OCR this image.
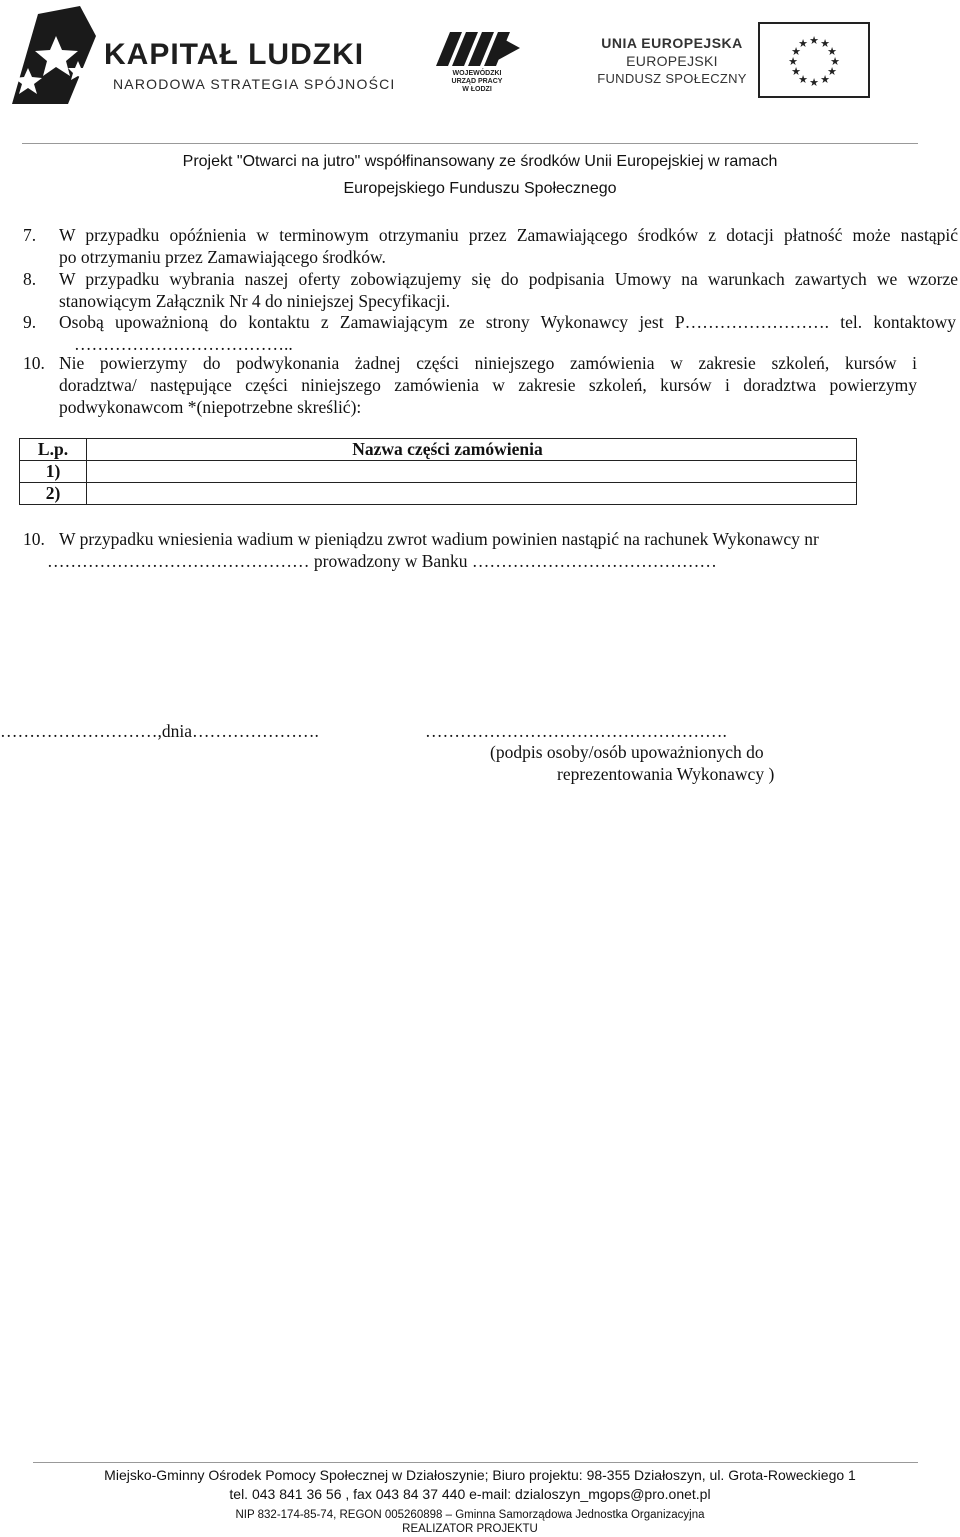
KAPITAŁ LUDZKI
NARODOWA STRATEGIA SPÓJNOŚCI
WOJEWÓDZKI
URZĄD PRACY
W ŁODZI
UNIA EUROPEJSKA
EUROPEJSKI
FUNDUSZ SPOŁECZNY
★ ★
★
★
★
★
★
★
★
★
★
★
Projekt "Otwarci na jutro" współfinansowany ze środków Unii Europejskiej w ramach
Europejskiego Funduszu Społecznego
7. W przypadku opóźnienia w terminowym otrzymaniu przez Zamawiającego środków z dotacji płatność może nastąpić
po otrzymaniu przez Zamawiającego środków.
8. W przypadku wybrania naszej oferty zobowiązujemy się do podpisania Umowy na warunkach zawartych we wzorze
stanowiącym Załącznik Nr 4 do niniejszej Specyfikacji.
9. Osobą upoważnioną do kontaktu z Zamawiającym ze strony Wykonawcy jest P……………………. tel. kontaktowy
………………………………..
10. Nie powierzymy do podwykonania żadnej części niniejszego zamówienia w zakresie szkoleń, kursów i
doradztwa/ następujące części niniejszego zamówienia w zakresie szkoleń, kursów i doradztwa powierzymy
podwykonawcom *(niepotrzebne skreślić):
L.p.	Nazwa części zamówienia
1)	
2)	
10. W przypadku wniesienia wadium w pieniądzu zwrot wadium powinien nastąpić na rachunek Wykonawcy nr
……………………………………… prowadzony w Banku ……………………………………
………………………,dnia………………….	…………………………………………….
(podpis osoby/osób upoważnionych do
reprezentowania Wykonawcy )
Miejsko-Gminny Ośrodek Pomocy Społecznej w Działoszynie; Biuro projektu: 98-355 Działoszyn, ul. Grota-Roweckiego 1
tel. 043 841 36 56 , fax 043 84 37 440 e-mail: dzialoszyn_mgops@pro.onet.pl
NIP 832-174-85-74, REGON 005260898 – Gminna Samorządowa Jednostka Organizacyjna
REALIZATOR PROJEKTU
